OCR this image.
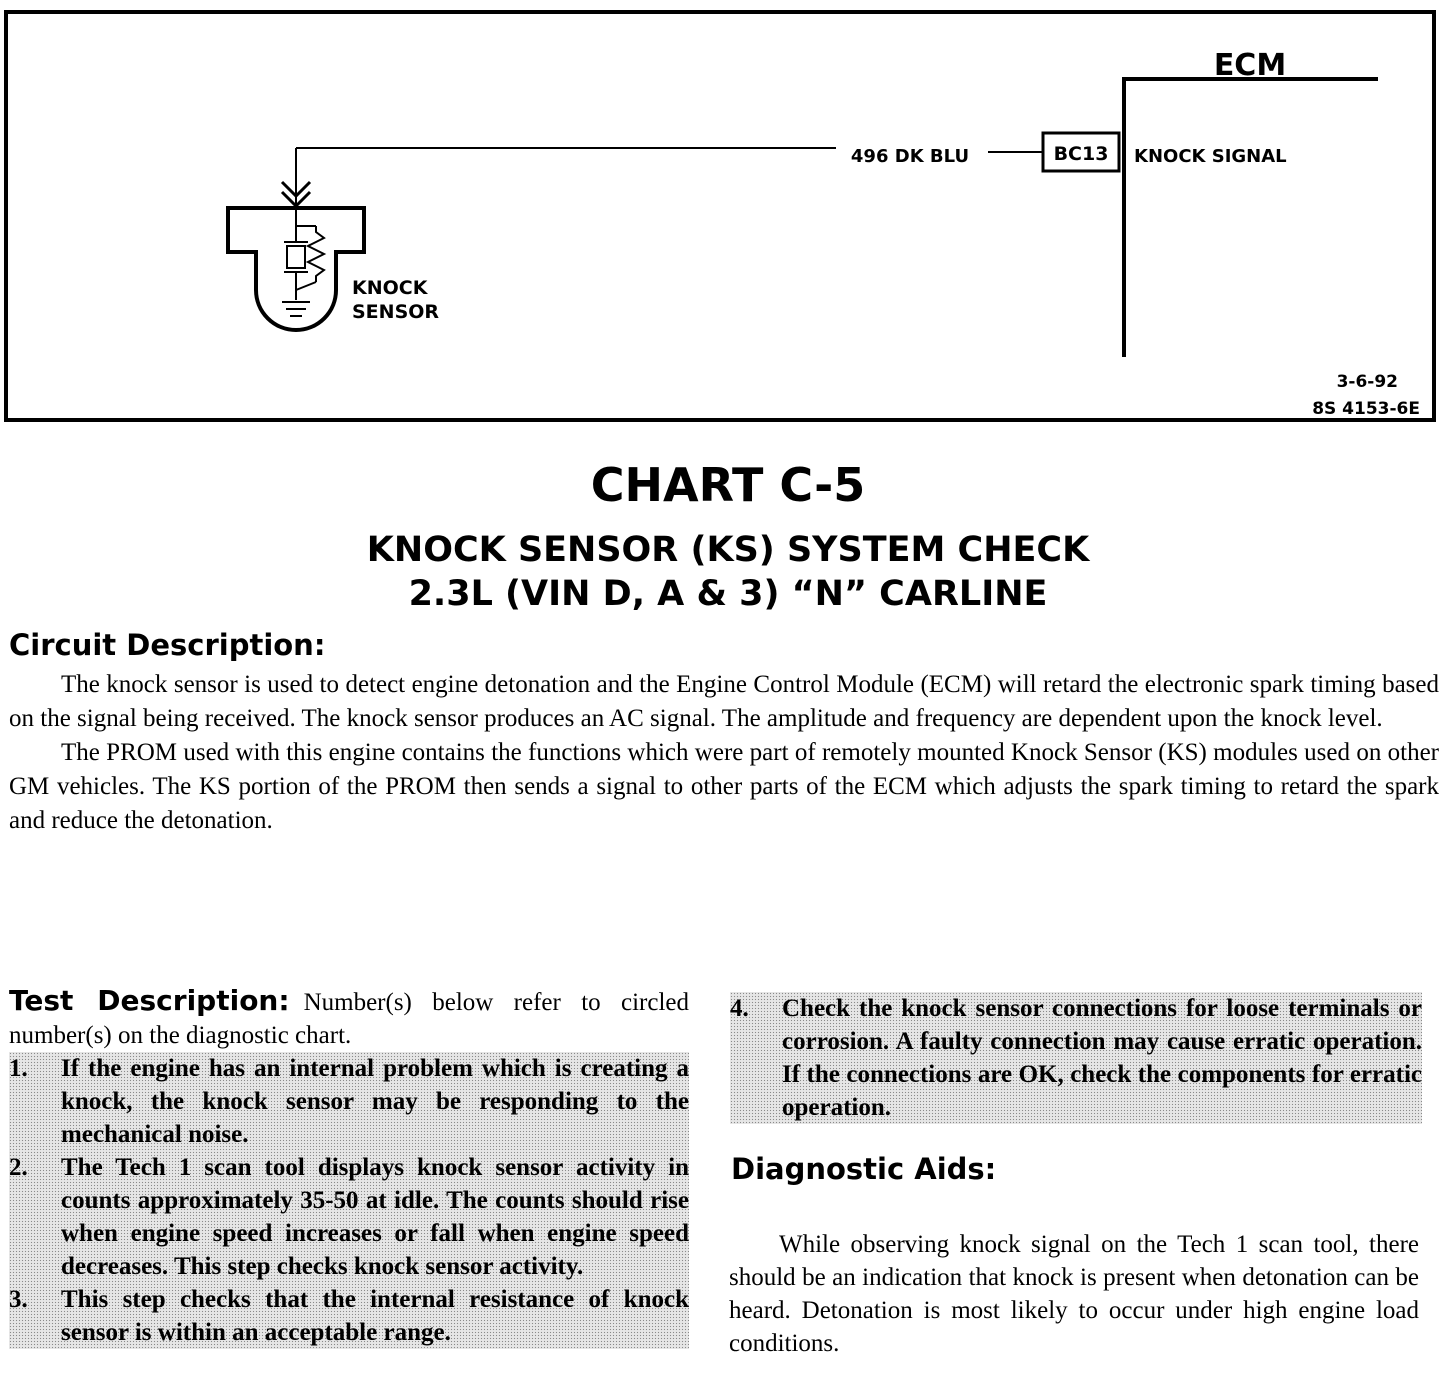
ECM
BC13 KNOCK SIGNAL
496 DK BLU
KNOCK
SENSOR
3-6-92
8S 4153-6E
CHART C-5
KNOCK SENSOR (KS) SYSTEM CHECK
2.3L (VIN D, A & 3) “N” CARLINE
Circuit Description:

The knock sensor is used to detect engine detonation and the Engine Control Module (ECM) will retard the electronic spark timing based on the signal being received. The knock sensor produces an AC signal. The amplitude and frequency are dependent upon the knock level.

The PROM used with this engine contains the functions which were part of remotely mounted Knock Sensor (KS) modules used on other GM vehicles. The KS portion of the PROM then sends a signal to other parts of the ECM which adjusts the spark timing to retard the spark and reduce the detonation.

Test Description: Number(s) below refer to circled number(s) on the diagnostic chart.
1.	If the engine has an internal problem which is creating a knock, the knock sensor may be responding to the mechanical noise.
2.	The Tech 1 scan tool displays knock sensor activity in counts approximately 35-50 at idle. The counts should rise when engine speed increases or fall when engine speed decreases. This step checks knock sensor activity.
3.	This step checks that the internal resistance of knock sensor is within an acceptable range.
4.	Check the knock sensor connections for loose terminals or corrosion. A faulty connection may cause erratic operation. If the connections are OK, check the components for erratic operation.
Diagnostic Aids:

While observing knock signal on the Tech 1 scan tool, there should be an indication that knock is present when detonation can be heard. Detonation is most likely to occur under high engine load conditions.
